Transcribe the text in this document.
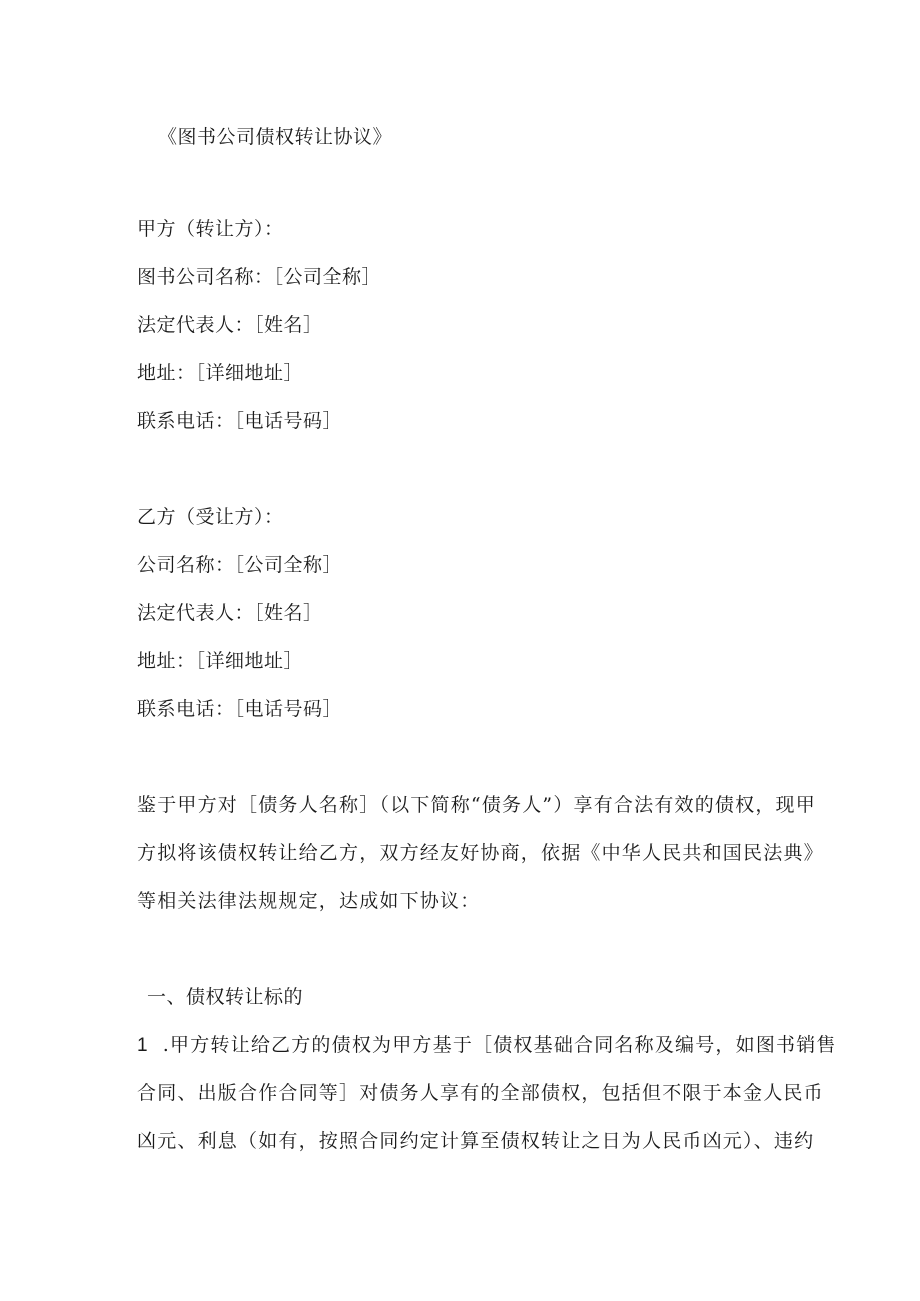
《图书公司债权转让协议》
甲方（转让方）：
图书公司名称：［公司全称］
法定代表人：［姓名］
地址：［详细地址］
联系电话：［电话号码］
乙方（受让方）：
公司名称：［公司全称］
法定代表人：［姓名］
地址：［详细地址］
联系电话：［电话号码］
鉴于甲方对［债务人名称］（以下简称“债务人”）享有合法有效的债权，现甲
方拟将该债权转让给乙方，双方经友好协商，依据《中华人民共和国民法典》
等相关法律法规规定，达成如下协议：
一、债权转让标的
1 .甲方转让给乙方的债权为甲方基于［债权基础合同名称及编号，如图书销售
合同、出版合作合同等］对债务人享有的全部债权，包括但不限于本金人民币
凶元、利息（如有，按照合同约定计算至债权转让之日为人民币凶元）、违约
